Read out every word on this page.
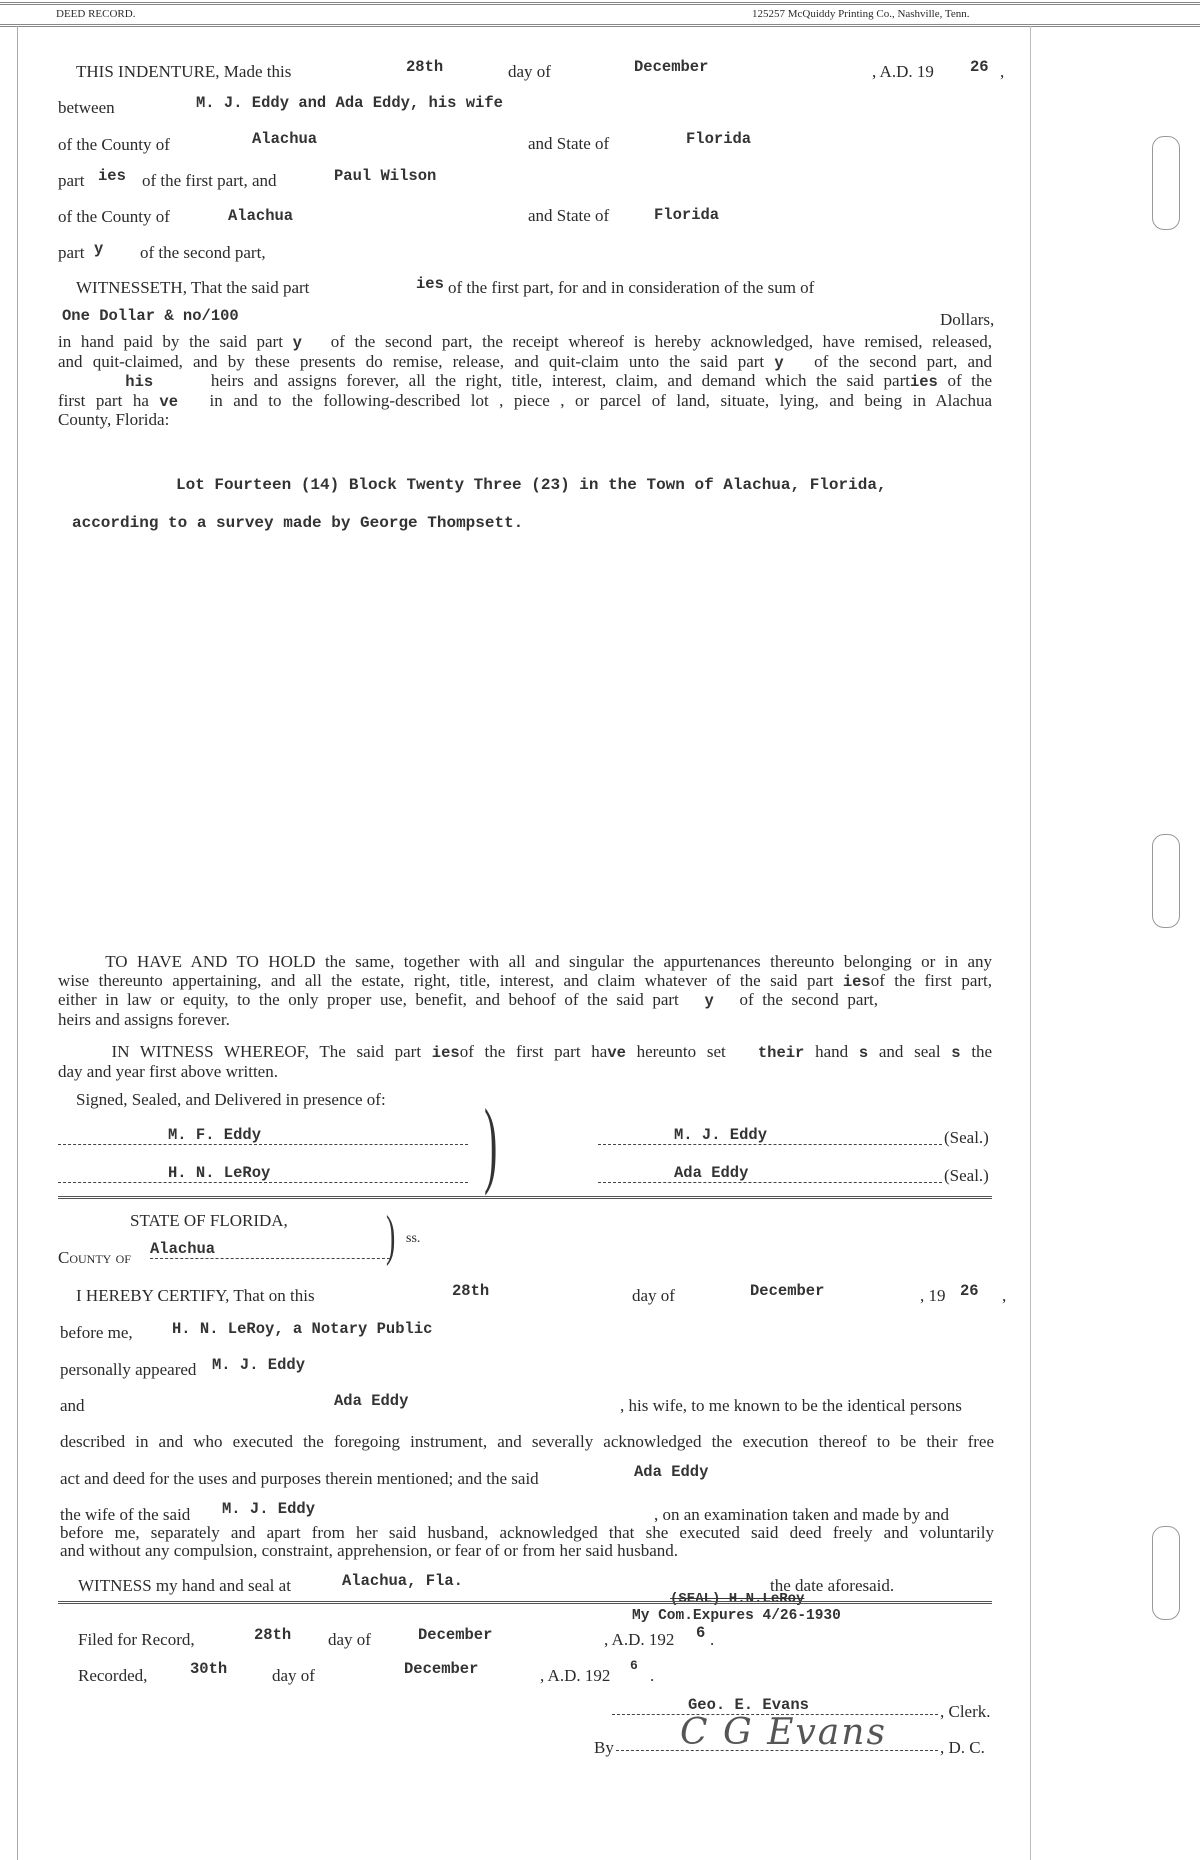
DEED RECORD.	125257 McQuiddy Printing Co., Nashville, Tenn.
THIS INDENTURE, Made this	28th	day of	December	, A.D. 19 26 ,
between	M. J. Eddy and Ada Eddy, his wife
of the County of	Alachua	and State of	Florida
part ies of the first part, and	Paul Wilson
of the County of	Alachua	and State of	Florida
part y of the second part,
WITNESSETH, That the said part	ies of the first part, for and in consideration of the sum of
One Dollar & no/100	Dollars,
in hand paid by the said part y of the second part, the receipt whereof is hereby acknowledged, have remised, released,
and quit-claimed, and by these presents do remise, release, and quit-claim unto the said part y of the second part, and
his	heirs and assigns forever, all the right, title, interest, claim, and demand which the said parties of the
first part ha ve in and to the following-described lot , piece , or parcel of land, situate, lying, and being in Alachua
County, Florida:
Lot Fourteen (14) Block Twenty Three (23) in the Town of Alachua, Florida,
according to a survey made by George Thompsett.
TO HAVE AND TO HOLD the same, together with all and singular the appurtenances thereunto belonging or in any
wise thereunto appertaining, and all the estate, right, title, interest, and claim whatever of the said part iesof the first part,
either in law or equity, to the only proper use, benefit, and behoof of the said part y of the second part,
heirs and assigns forever.
IN WITNESS WHEREOF, The said part iesof the first part have hereunto set their hand s and seal s the
day and year first above written.
Signed, Sealed, and Delivered in presence of: )
M. F. Eddy
H. N. LeRoy
M. J. Eddy	(Seal.)
Ada Eddy	(Seal.)
STATE OF FLORIDA,
County of Alachua	) ss.
I HEREBY CERTIFY, That on this	28th	day of	December	, 19 26 ,
before me,	H. N. LeRoy, a Notary Public
personally appeared M. J. Eddy
and	Ada Eddy	, his wife, to me known to be the identical persons
described in and who executed the foregoing instrument, and severally acknowledged the execution thereof to be their free
act and deed for the uses and purposes therein mentioned; and the said	Ada Eddy
the wife of the said M. J. Eddy	, on an examination taken and made by and
before me, separately and apart from her said husband, acknowledged that she executed said deed freely and voluntarily
and without any compulsion, constraint, apprehension, or fear of or from her said husband.
WITNESS my hand and seal at	Alachua, Fla.	the date aforesaid.
(SEAL) H.N.LeRoy
My Com.Expures 4/26-1930
Filed for Record,	28th day of	December	, A.D. 192 6 .
Recorded,	30th	day of	December	, A.D. 192
6
.
Geo. E. Evans	, Clerk.
By C G Evans	, D. C.
